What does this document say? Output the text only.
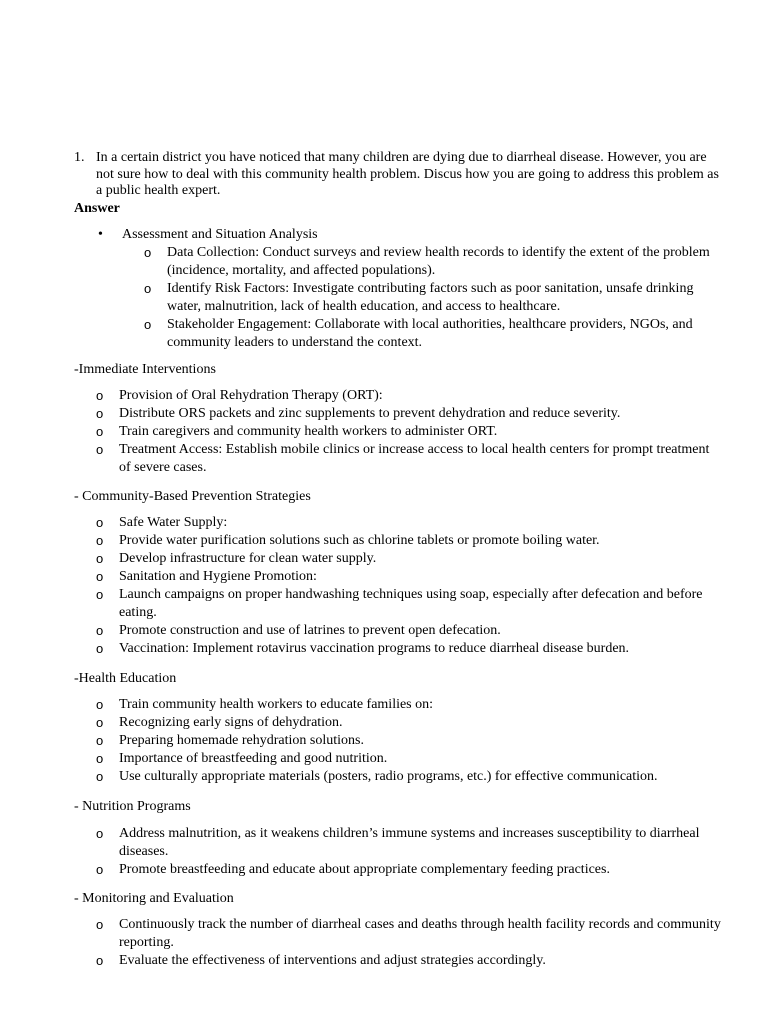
1. In a certain district you have noticed that many children are dying due to diarrheal disease. However, you are not sure how to deal with this community health problem. Discus how you are going to address this problem as a public health expert.
Answer
• Assessment and Situation Analysis
o Data Collection: Conduct surveys and review health records to identify the extent of the problem (incidence, mortality, and affected populations).
o Identify Risk Factors: Investigate contributing factors such as poor sanitation, unsafe drinking water, malnutrition, lack of health education, and access to healthcare.
o Stakeholder Engagement: Collaborate with local authorities, healthcare providers, NGOs, and community leaders to understand the context.
-Immediate Interventions
o Provision of Oral Rehydration Therapy (ORT):
o Distribute ORS packets and zinc supplements to prevent dehydration and reduce severity.
o Train caregivers and community health workers to administer ORT.
o Treatment Access: Establish mobile clinics or increase access to local health centers for prompt treatment of severe cases.
- Community-Based Prevention Strategies
o Safe Water Supply:
o Provide water purification solutions such as chlorine tablets or promote boiling water.
o Develop infrastructure for clean water supply.
o Sanitation and Hygiene Promotion:
o Launch campaigns on proper handwashing techniques using soap, especially after defecation and before eating.
o Promote construction and use of latrines to prevent open defecation.
o Vaccination: Implement rotavirus vaccination programs to reduce diarrheal disease burden.
-Health Education
o Train community health workers to educate families on:
o Recognizing early signs of dehydration.
o Preparing homemade rehydration solutions.
o Importance of breastfeeding and good nutrition.
o Use culturally appropriate materials (posters, radio programs, etc.) for effective communication.
- Nutrition Programs
o Address malnutrition, as it weakens children’s immune systems and increases susceptibility to diarrheal diseases.
o Promote breastfeeding and educate about appropriate complementary feeding practices.
- Monitoring and Evaluation
o Continuously track the number of diarrheal cases and deaths through health facility records and community reporting.
o Evaluate the effectiveness of interventions and adjust strategies accordingly.
